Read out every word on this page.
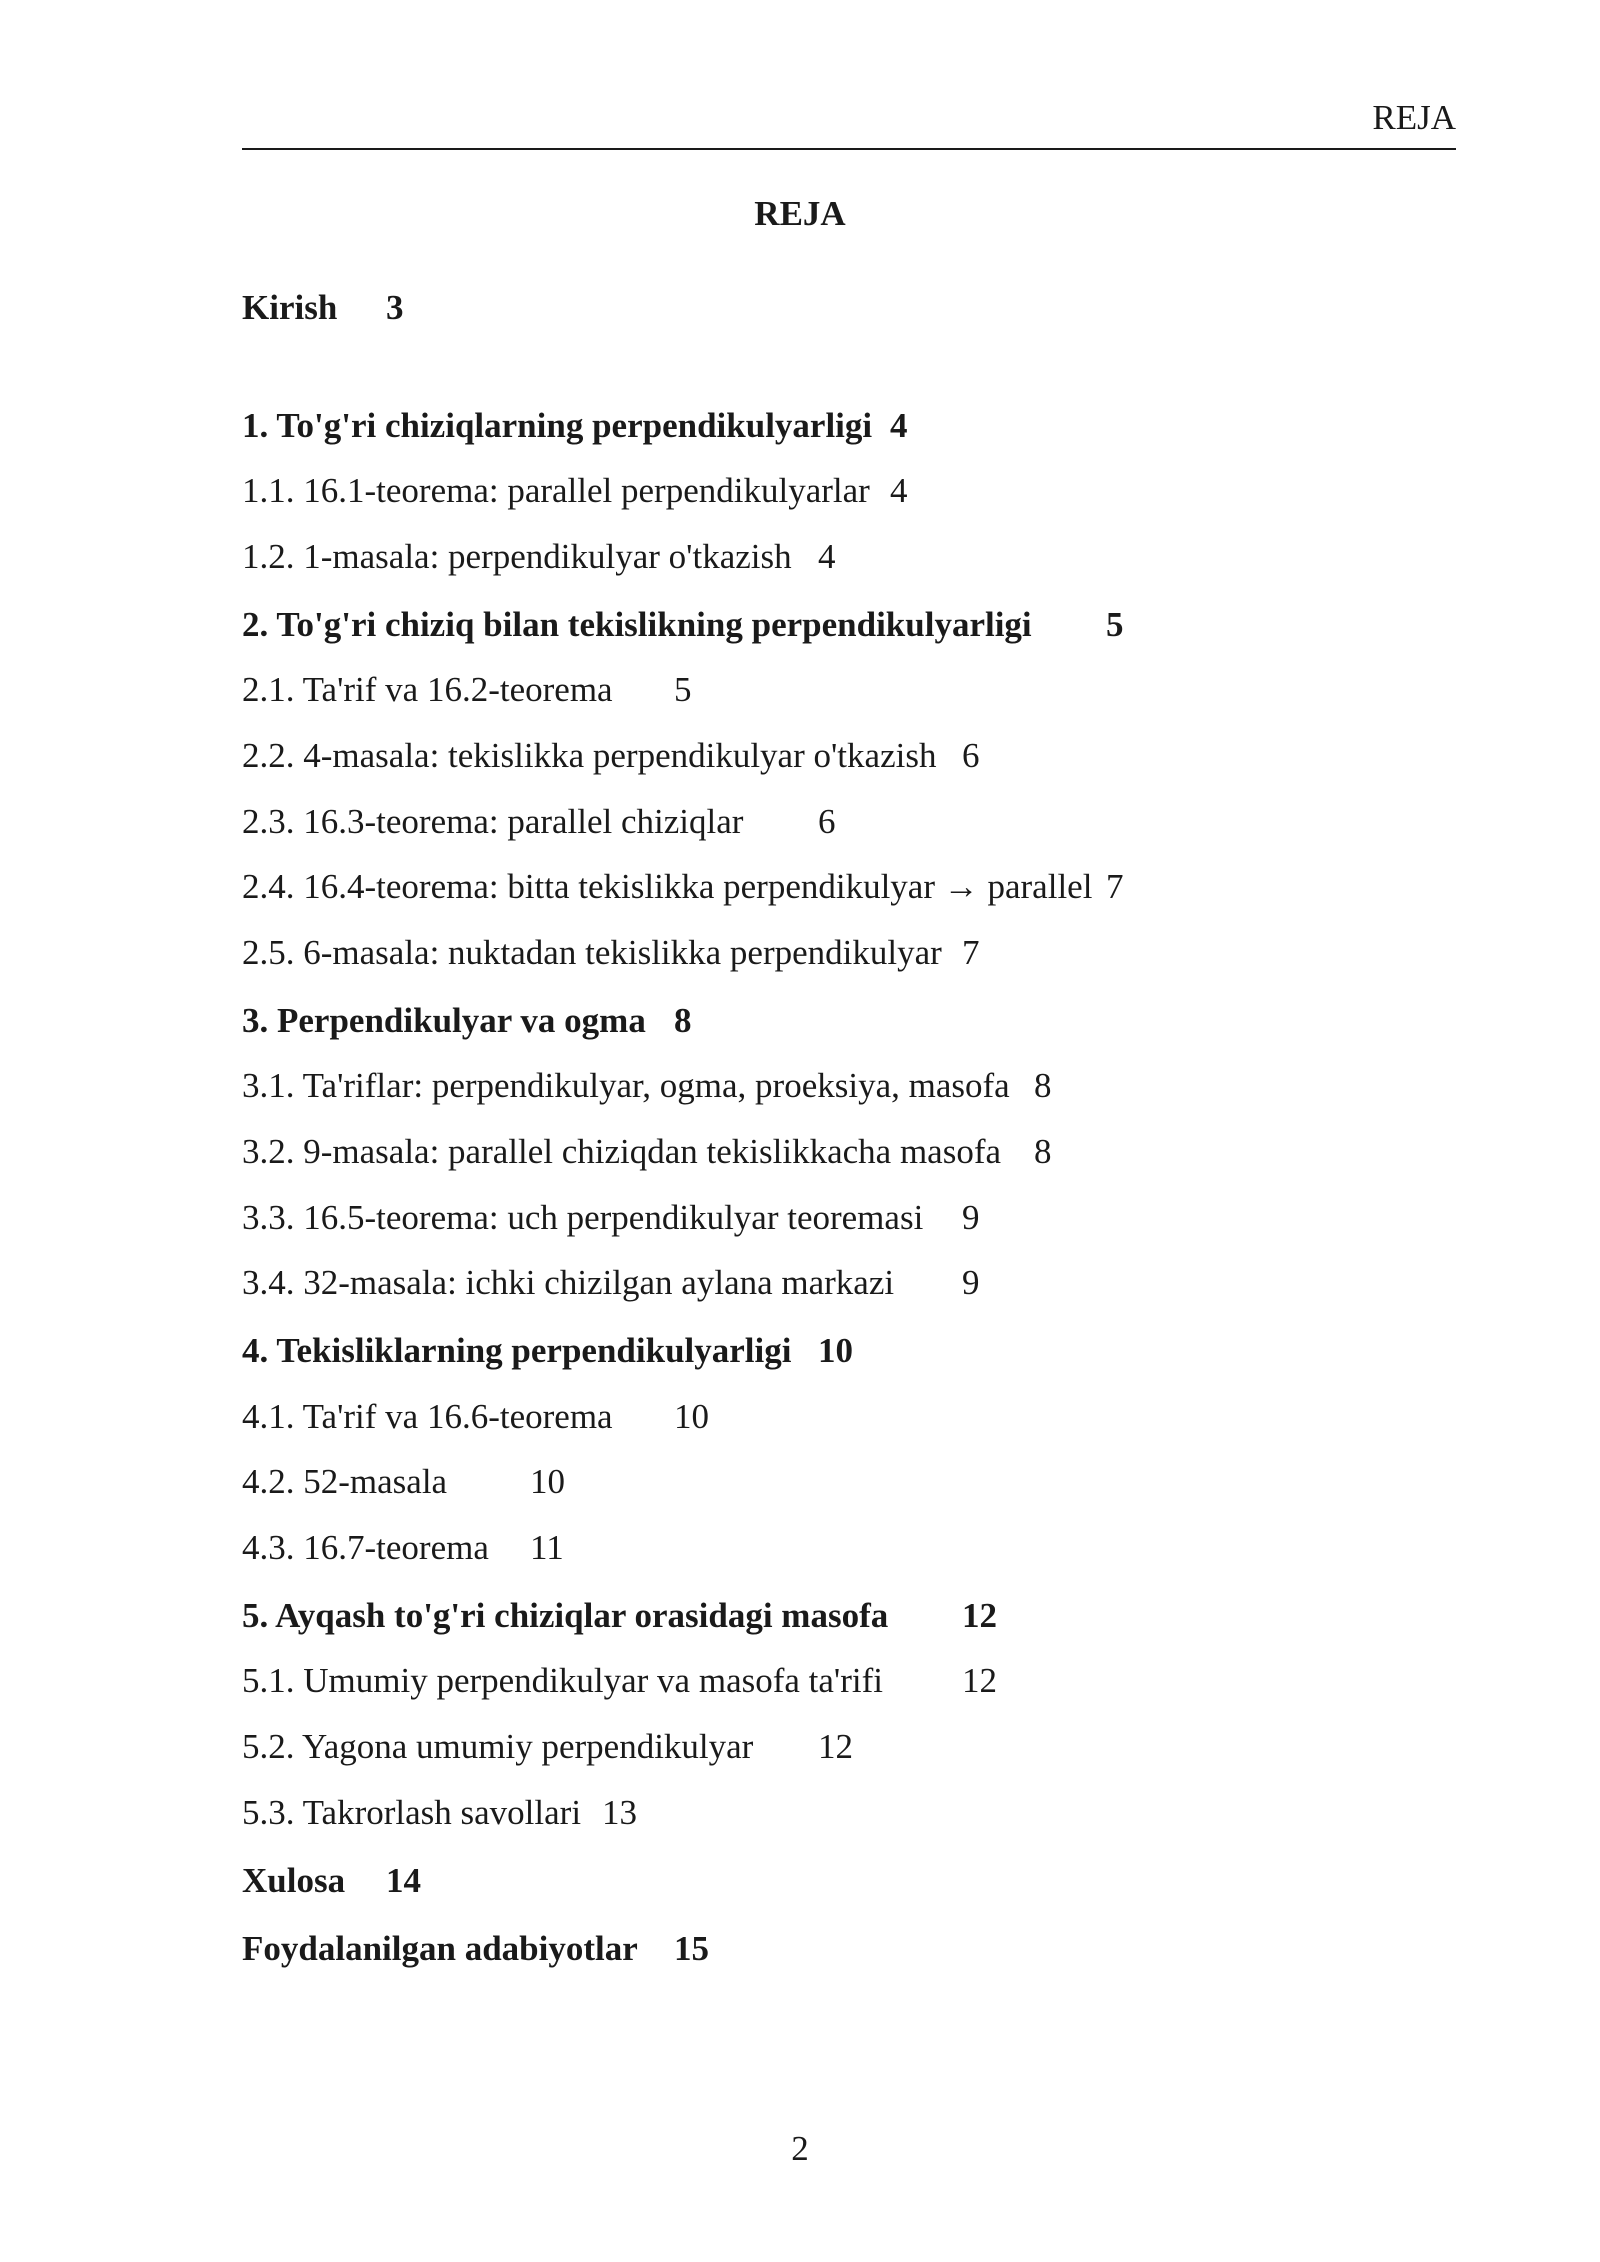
REJA
REJA
Kirish 3
1. To'g'ri chiziqlarning perpendikulyarligi 4
1.1. 16.1-teorema: parallel perpendikulyarlar 4
1.2. 1-masala: perpendikulyar o'tkazish 4
2. To'g'ri chiziq bilan tekislikning perpendikulyarligi 5
2.1. Ta'rif va 16.2-teorema 5
2.2. 4-masala: tekislikka perpendikulyar o'tkazish 6
2.3. 16.3-teorema: parallel chiziqlar 6
2.4. 16.4-teorema: bitta tekislikka perpendikulyar → parallel 7
2.5. 6-masala: nuktadan tekislikka perpendikulyar 7
3. Perpendikulyar va ogma 8
3.1. Ta'riflar: perpendikulyar, ogma, proeksiya, masofa 8
3.2. 9-masala: parallel chiziqdan tekislikkacha masofa 8
3.3. 16.5-teorema: uch perpendikulyar teoremasi 9
3.4. 32-masala: ichki chizilgan aylana markazi 9
4. Tekisliklarning perpendikulyarligi 10
4.1. Ta'rif va 16.6-teorema 10
4.2. 52-masala 10
4.3. 16.7-teorema 11
5. Ayqash to'g'ri chiziqlar orasidagi masofa 12
5.1. Umumiy perpendikulyar va masofa ta'rifi 12
5.2. Yagona umumiy perpendikulyar 12
5.3. Takrorlash savollari 13
Xulosa 14
Foydalanilgan adabiyotlar 15
2
